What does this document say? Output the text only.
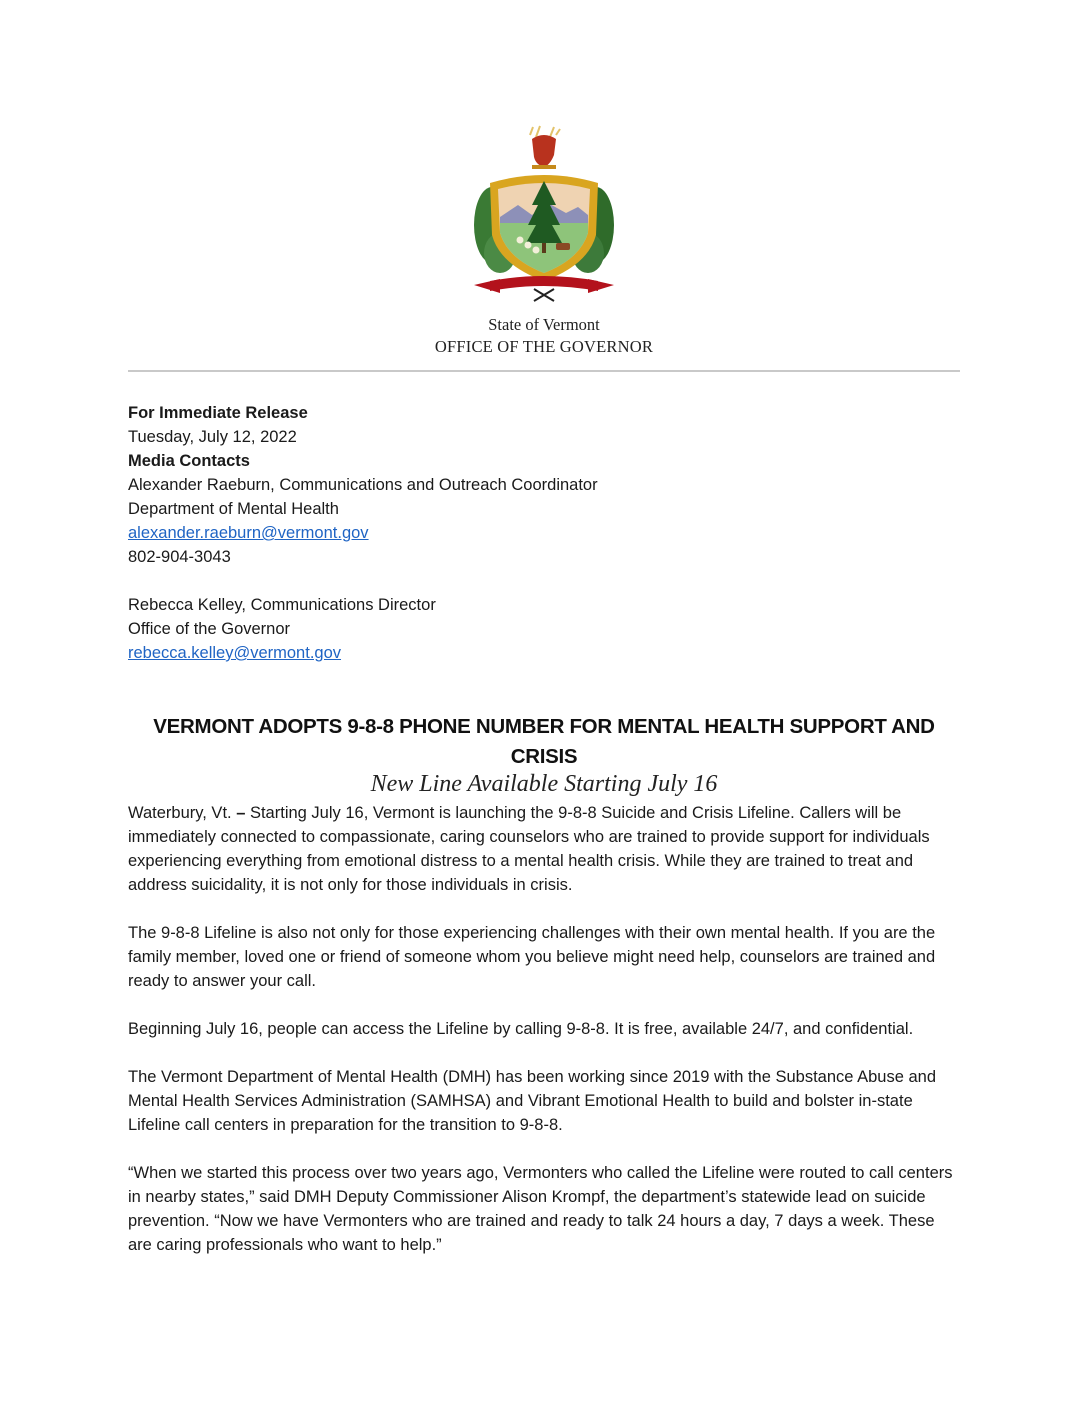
State of Vermont
OFFICE OF THE GOVERNOR
For Immediate Release
Tuesday, July 12, 2022
Media Contacts
Alexander Raeburn, Communications and Outreach Coordinator
Department of Mental Health
alexander.raeburn@vermont.gov
802-904-3043
Rebecca Kelley, Communications Director
Office of the Governor
rebecca.kelley@vermont.gov
VERMONT ADOPTS 9-8-8 PHONE NUMBER FOR MENTAL HEALTH SUPPORT AND CRISIS
New Line Available Starting July 16

Waterbury, Vt. – Starting July 16, Vermont is launching the 9-8-8 Suicide and Crisis Lifeline. Callers will be immediately connected to compassionate, caring counselors who are trained to provide support for individuals experiencing everything from emotional distress to a mental health crisis. While they are trained to treat and address suicidality, it is not only for those individuals in crisis.

The 9-8-8 Lifeline is also not only for those experiencing challenges with their own mental health. If you are the family member, loved one or friend of someone whom you believe might need help, counselors are trained and ready to answer your call.

Beginning July 16, people can access the Lifeline by calling 9-8-8. It is free, available 24/7, and confidential.

The Vermont Department of Mental Health (DMH) has been working since 2019 with the Substance Abuse and Mental Health Services Administration (SAMHSA) and Vibrant Emotional Health to build and bolster in-state Lifeline call centers in preparation for the transition to 9-8-8.

“When we started this process over two years ago, Vermonters who called the Lifeline were routed to call centers in nearby states,” said DMH Deputy Commissioner Alison Krompf, the department’s statewide lead on suicide prevention. “Now we have Vermonters who are trained and ready to talk 24 hours a day, 7 days a week. These are caring professionals who want to help.”
